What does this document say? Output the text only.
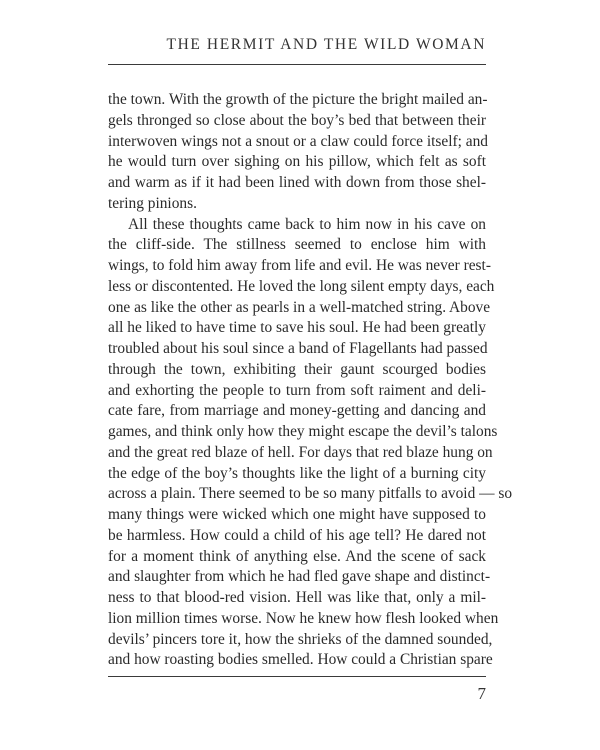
THE HERMIT AND THE WILD WOMAN
the town. With the growth of the picture the bright mailed an-
gels thronged so close about the boy’s bed that between their
interwoven wings not a snout or a claw could force itself; and
he would turn over sighing on his pillow, which felt as soft
and warm as if it had been lined with down from those shel-
tering pinions.
All these thoughts came back to him now in his cave on
the cliff-side. The stillness seemed to enclose him with
wings, to fold him away from life and evil. He was never rest-
less or discontented. He loved the long silent empty days, each
one as like the other as pearls in a well-matched string. Above
all he liked to have time to save his soul. He had been greatly
troubled about his soul since a band of Flagellants had passed
through the town, exhibiting their gaunt scourged bodies
and exhorting the people to turn from soft raiment and deli-
cate fare, from marriage and money-getting and dancing and
games, and think only how they might escape the devil’s talons
and the great red blaze of hell. For days that red blaze hung on
the edge of the boy’s thoughts like the light of a burning city
across a plain. There seemed to be so many pitfalls to avoid — so
many things were wicked which one might have supposed to
be harmless. How could a child of his age tell? He dared not
for a moment think of anything else. And the scene of sack
and slaughter from which he had fled gave shape and distinct-
ness to that blood-red vision. Hell was like that, only a mil-
lion million times worse. Now he knew how flesh looked when
devils’ pincers tore it, how the shrieks of the damned sounded,
and how roasting bodies smelled. How could a Christian spare
7
